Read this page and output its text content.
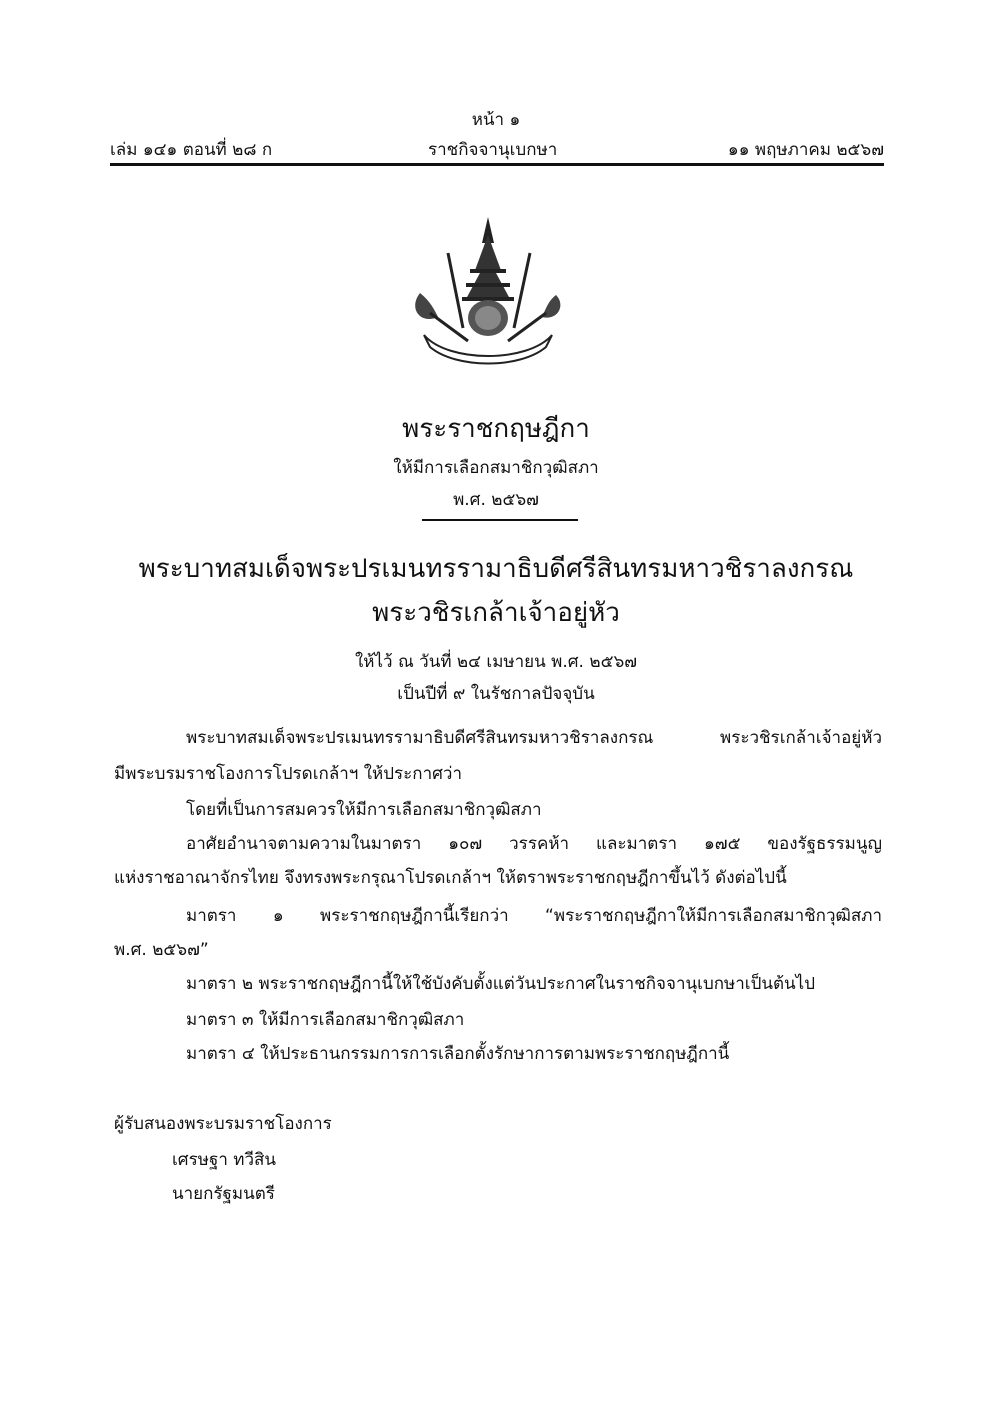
หน้า ๑
เล่ม ๑๔๑ ตอนที่ ๒๘ ก	ราชกิจจานุเบกษา	๑๑ พฤษภาคม ๒๕๖๗
พระราชกฤษฎีกา
ให้มีการเลือกสมาชิกวุฒิสภา
พ.ศ. ๒๕๖๗
พระบาทสมเด็จพระปรเมนทรรามาธิบดีศรีสินทรมหาวชิราลงกรณ
พระวชิรเกล้าเจ้าอยู่หัว
ให้ไว้ ณ วันที่ ๒๔ เมษายน พ.ศ. ๒๕๖๗
เป็นปีที่ ๙ ในรัชกาลปัจจุบัน
พระบาทสมเด็จพระปรเมนทรรามาธิบดีศรีสินทรมหาวชิราลงกรณ พระวชิรเกล้าเจ้าอยู่หัว
มีพระบรมราชโองการโปรดเกล้าฯ ให้ประกาศว่า
โดยที่เป็นการสมควรให้มีการเลือกสมาชิกวุฒิสภา
อาศัยอำนาจตามความในมาตรา ๑๐๗ วรรคห้า และมาตรา ๑๗๕ ของรัฐธรรมนูญ
แห่งราชอาณาจักรไทย จึงทรงพระกรุณาโปรดเกล้าฯ ให้ตราพระราชกฤษฎีกาขึ้นไว้ ดังต่อไปนี้
มาตรา ๑ พระราชกฤษฎีกานี้เรียกว่า “พระราชกฤษฎีกาให้มีการเลือกสมาชิกวุฒิสภา
พ.ศ. ๒๕๖๗”
มาตรา ๒ พระราชกฤษฎีกานี้ให้ใช้บังคับตั้งแต่วันประกาศในราชกิจจานุเบกษาเป็นต้นไป
มาตรา ๓ ให้มีการเลือกสมาชิกวุฒิสภา
มาตรา ๔ ให้ประธานกรรมการการเลือกตั้งรักษาการตามพระราชกฤษฎีกานี้
ผู้รับสนองพระบรมราชโองการ
เศรษฐา ทวีสิน
นายกรัฐมนตรี
